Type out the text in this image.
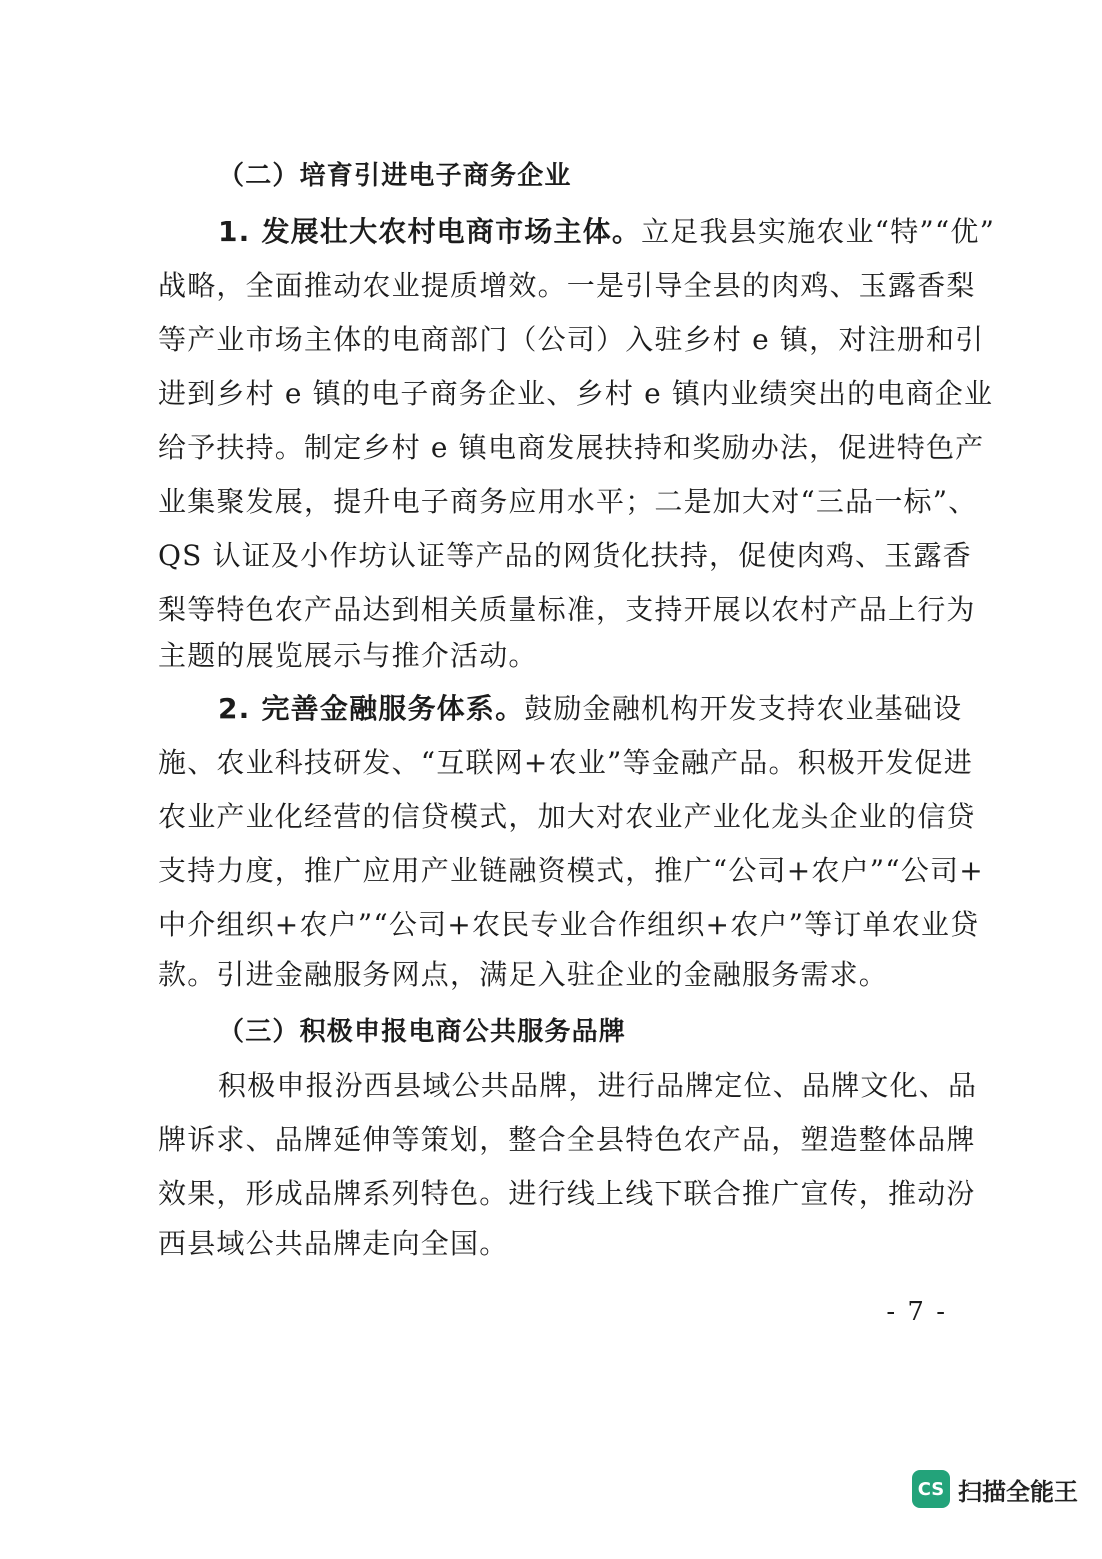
（二）培育引进电子商务企业
1. 发展壮大农村电商市场主体。立足我县实施农业“特”“优”
战略，全面推动农业提质增效。一是引导全县的肉鸡、玉露香梨
等产业市场主体的电商部门（公司）入驻乡村 e 镇，对注册和引
进到乡村 e 镇的电子商务企业、乡村 e 镇内业绩突出的电商企业
给予扶持。制定乡村 e 镇电商发展扶持和奖励办法，促进特色产
业集聚发展，提升电子商务应用水平；二是加大对“三品一标”、
QS 认证及小作坊认证等产品的网货化扶持，促使肉鸡、玉露香
梨等特色农产品达到相关质量标准，支持开展以农村产品上行为
主题的展览展示与推介活动。
2. 完善金融服务体系。鼓励金融机构开发支持农业基础设
施、农业科技研发、“互联网+农业”等金融产品。积极开发促进
农业产业化经营的信贷模式，加大对农业产业化龙头企业的信贷
支持力度，推广应用产业链融资模式，推广“公司+农户”“公司+
中介组织+农户”“公司+农民专业合作组织+农户”等订单农业贷
款。引进金融服务网点，满足入驻企业的金融服务需求。
（三）积极申报电商公共服务品牌
积极申报汾西县域公共品牌，进行品牌定位、品牌文化、品
牌诉求、品牌延伸等策划，整合全县特色农产品，塑造整体品牌
效果，形成品牌系列特色。进行线上线下联合推广宣传，推动汾
西县域公共品牌走向全国。
- 7 -
CS 扫描全能王
